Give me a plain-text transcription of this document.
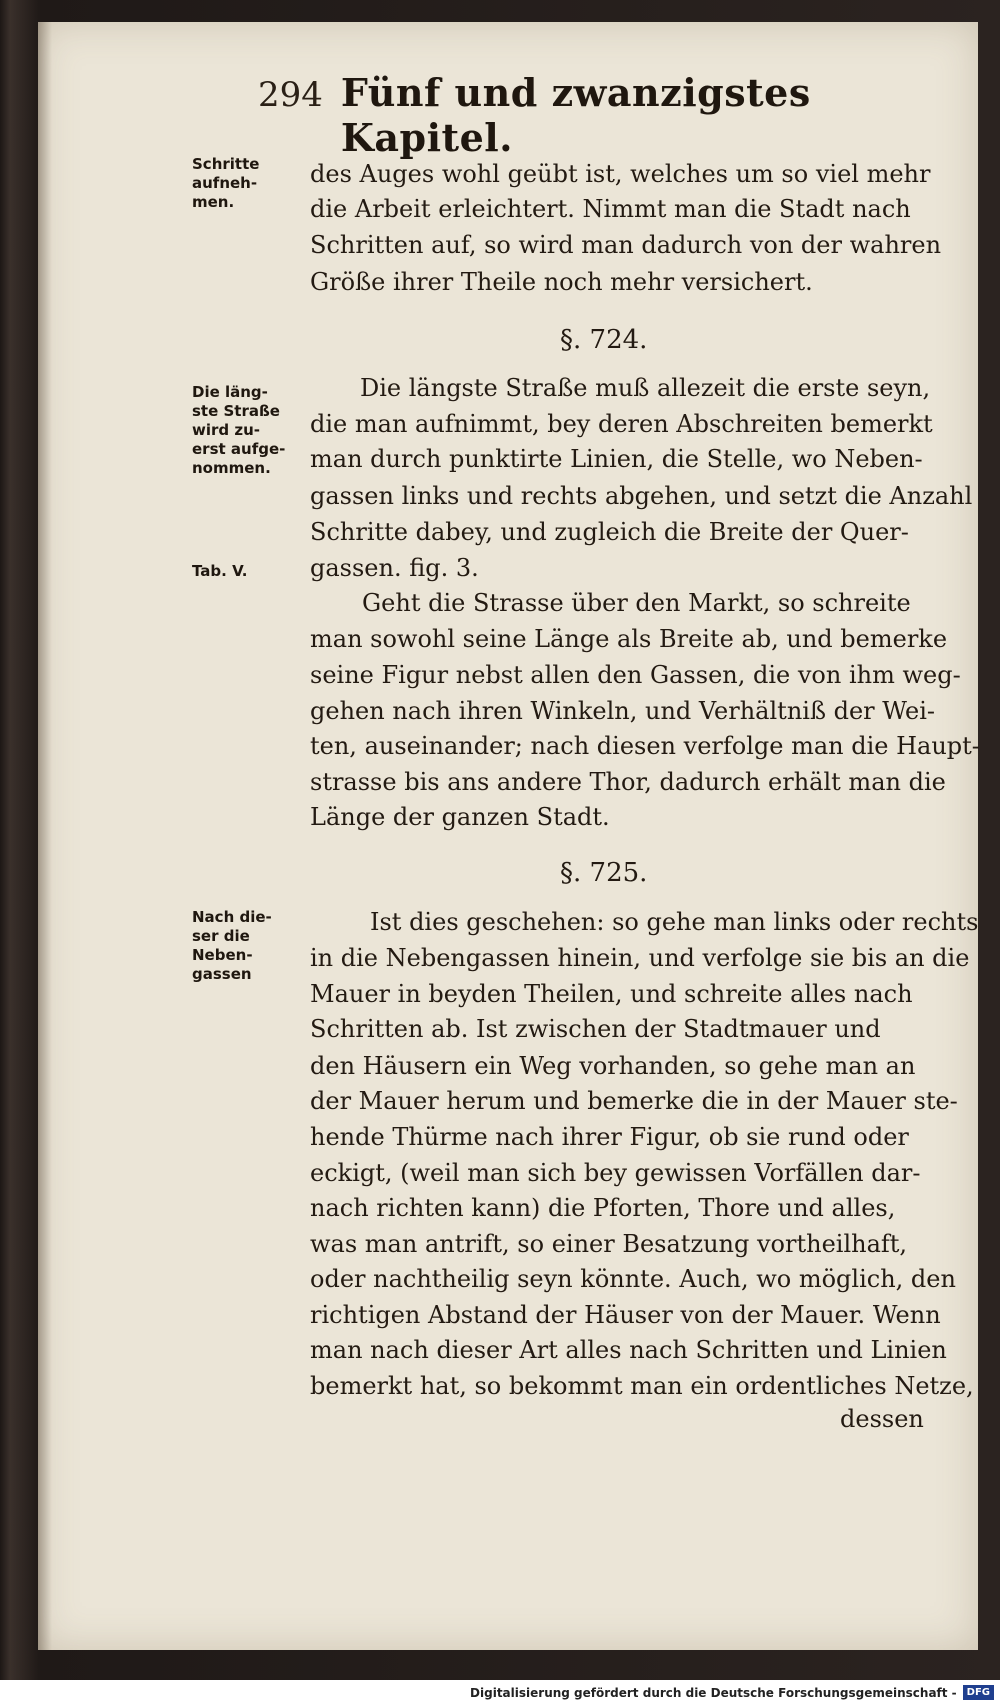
294 Fünf und zwanzigstes Kapitel.
Schritte
aufneh-
men.
Die läng-
ste Straße
wird zu-
erst aufge-
nommen.
Tab. V.
Nach die-
ser die
Neben-
gassen
des Auges wohl geübt ist, welches um so viel mehr
die Arbeit erleichtert. Nimmt man die Stadt nach
Schritten auf, so wird man dadurch von der wahren
Größe ihrer Theile noch mehr versichert.
§. 724.
Die längste Straße muß allezeit die erste seyn,
die man aufnimmt, bey deren Abschreiten bemerkt
man durch punktirte Linien, die Stelle, wo Neben-
gassen links und rechts abgehen, und setzt die Anzahl
Schritte dabey, und zugleich die Breite der Quer-
gassen. fig. 3.
Geht die Strasse über den Markt, so schreite
man sowohl seine Länge als Breite ab, und bemerke
seine Figur nebst allen den Gassen, die von ihm weg-
gehen nach ihren Winkeln, und Verhältniß der Wei-
ten, auseinander; nach diesen verfolge man die Haupt-
strasse bis ans andere Thor, dadurch erhält man die
Länge der ganzen Stadt.
§. 725.
Ist dies geschehen: so gehe man links oder rechts
in die Nebengassen hinein, und verfolge sie bis an die
Mauer in beyden Theilen, und schreite alles nach
Schritten ab. Ist zwischen der Stadtmauer und
den Häusern ein Weg vorhanden, so gehe man an
der Mauer herum und bemerke die in der Mauer ste-
hende Thürme nach ihrer Figur, ob sie rund oder
eckigt, (weil man sich bey gewissen Vorfällen dar-
nach richten kann) die Pforten, Thore und alles,
was man antrift, so einer Besatzung vortheilhaft,
oder nachtheilig seyn könnte. Auch, wo möglich, den
richtigen Abstand der Häuser von der Mauer. Wenn
man nach dieser Art alles nach Schritten und Linien
bemerkt hat, so bekommt man ein ordentliches Netze,
dessen
Digitalisierung gefördert durch die Deutsche Forschungsgemeinschaft -	DFG
